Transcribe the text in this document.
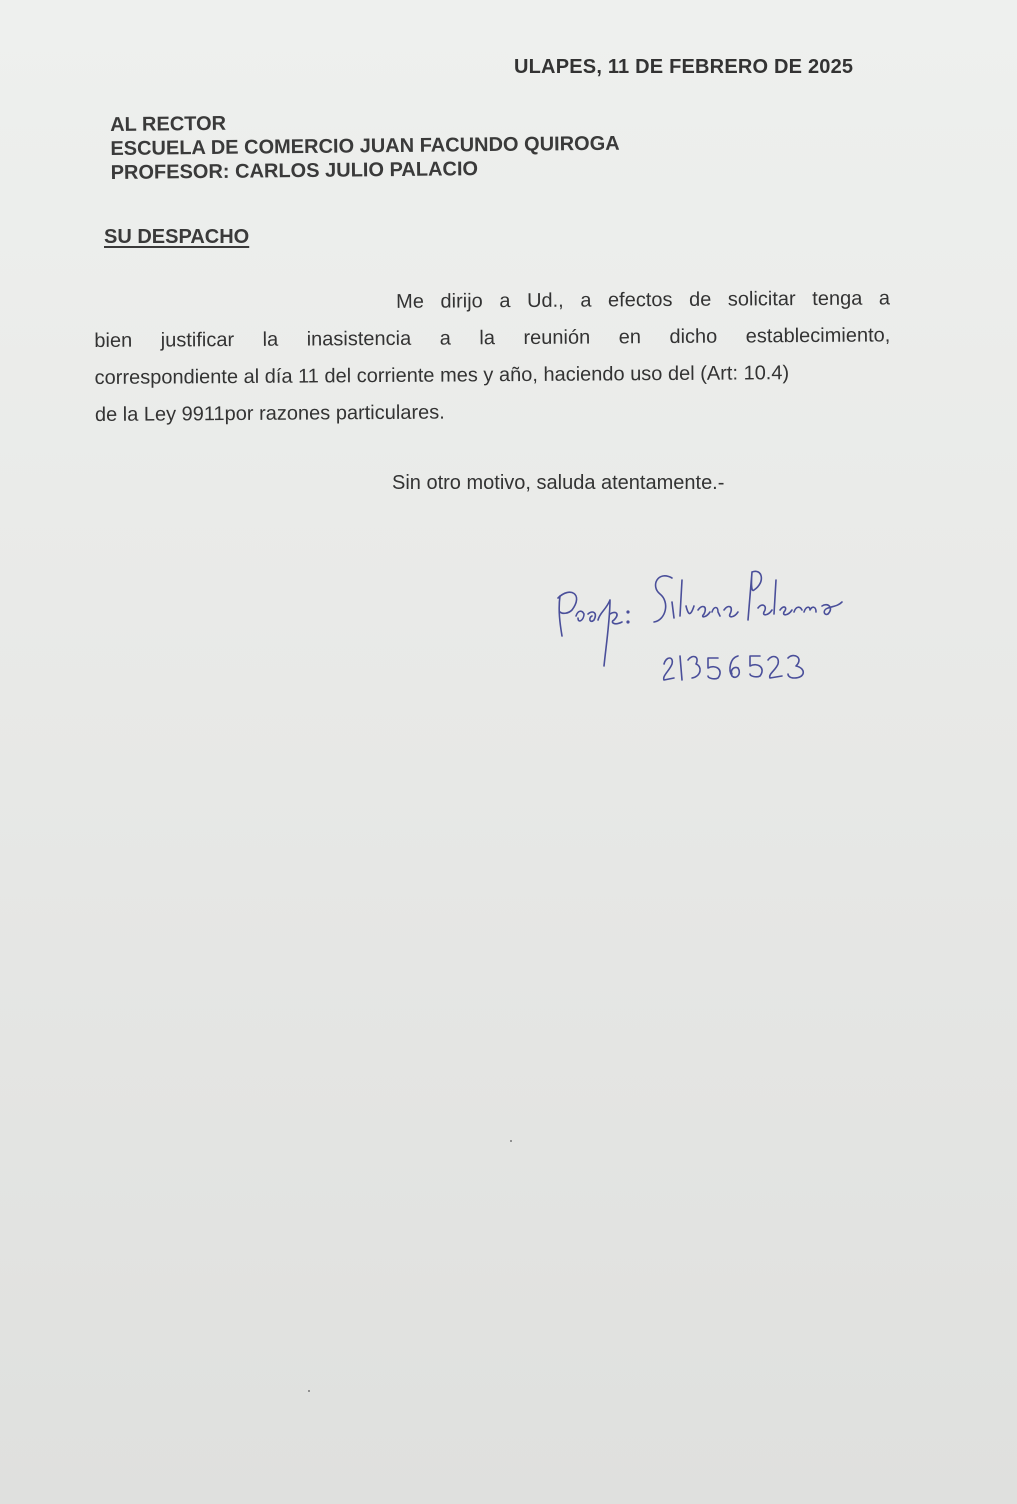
ULAPES, 11 DE FEBRERO DE 2025
AL RECTOR
ESCUELA DE COMERCIO JUAN FACUNDO QUIROGA
PROFESOR: CARLOS JULIO PALACIO
SU DESPACHO
Me dirijo a Ud., a efectos de solicitar tenga a
bien justificar la inasistencia a la reunión en dicho establecimiento,
correspondiente al día 11 del corriente mes y año, haciendo uso del (Art: 10.4)
de la Ley 9911por razones particulares.
Sin otro motivo, saluda atentamente.-
